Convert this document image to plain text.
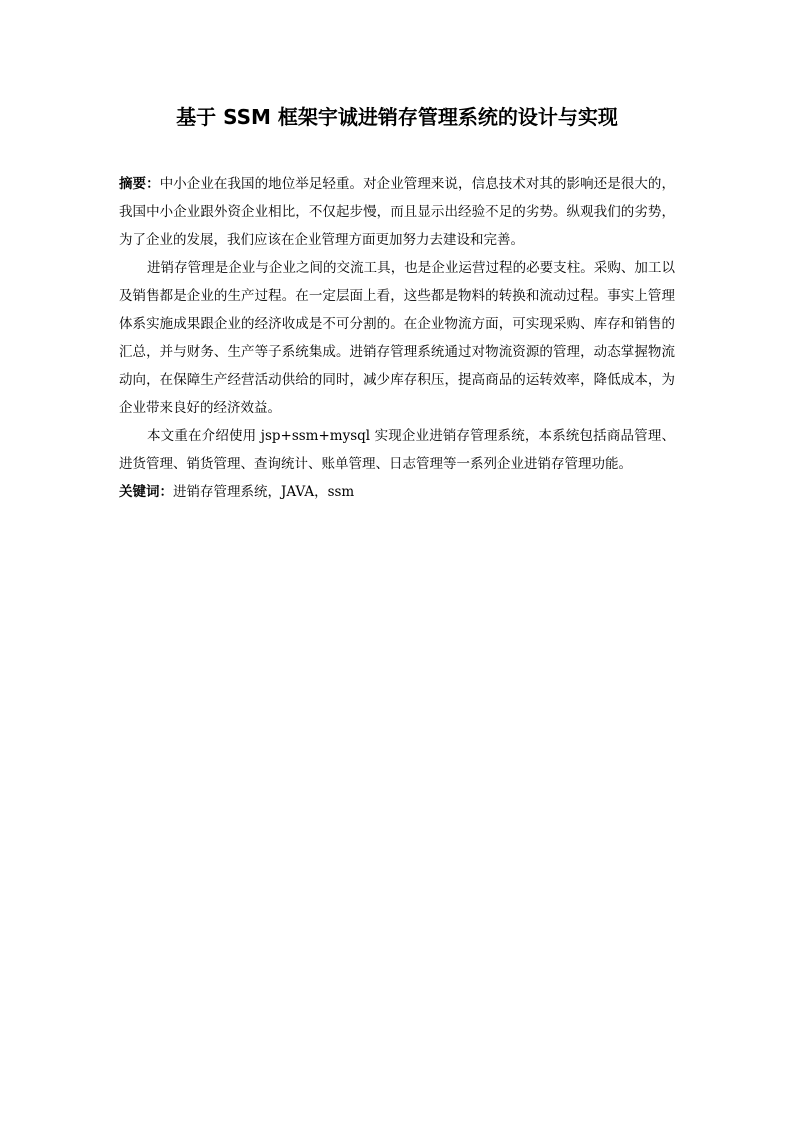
基于 SSM 框架宇诚进销存管理系统的设计与实现

摘要：中小企业在我国的地位举足轻重。对企业管理来说，信息技术对其的影响还是很大的，我国中小企业跟外资企业相比，不仅起步慢，而且显示出经验不足的劣势。纵观我们的劣势，为了企业的发展，我们应该在企业管理方面更加努力去建设和完善。

进销存管理是企业与企业之间的交流工具，也是企业运营过程的必要支柱。采购、加工以及销售都是企业的生产过程。在一定层面上看，这些都是物料的转换和流动过程。事实上管理体系实施成果跟企业的经济收成是不可分割的。在企业物流方面，可实现采购、库存和销售的汇总，并与财务、生产等子系统集成。进销存管理系统通过对物流资源的管理，动态掌握物流动向，在保障生产经营活动供给的同时，减少库存积压，提高商品的运转效率，降低成本，为企业带来良好的经济效益。

本文重在介绍使用 jsp+ssm+mysql 实现企业进销存管理系统，本系统包括商品管理、进货管理、销货管理、查询统计、账单管理、日志管理等一系列企业进销存管理功能。

关键词：进销存管理系统，JAVA，ssm
